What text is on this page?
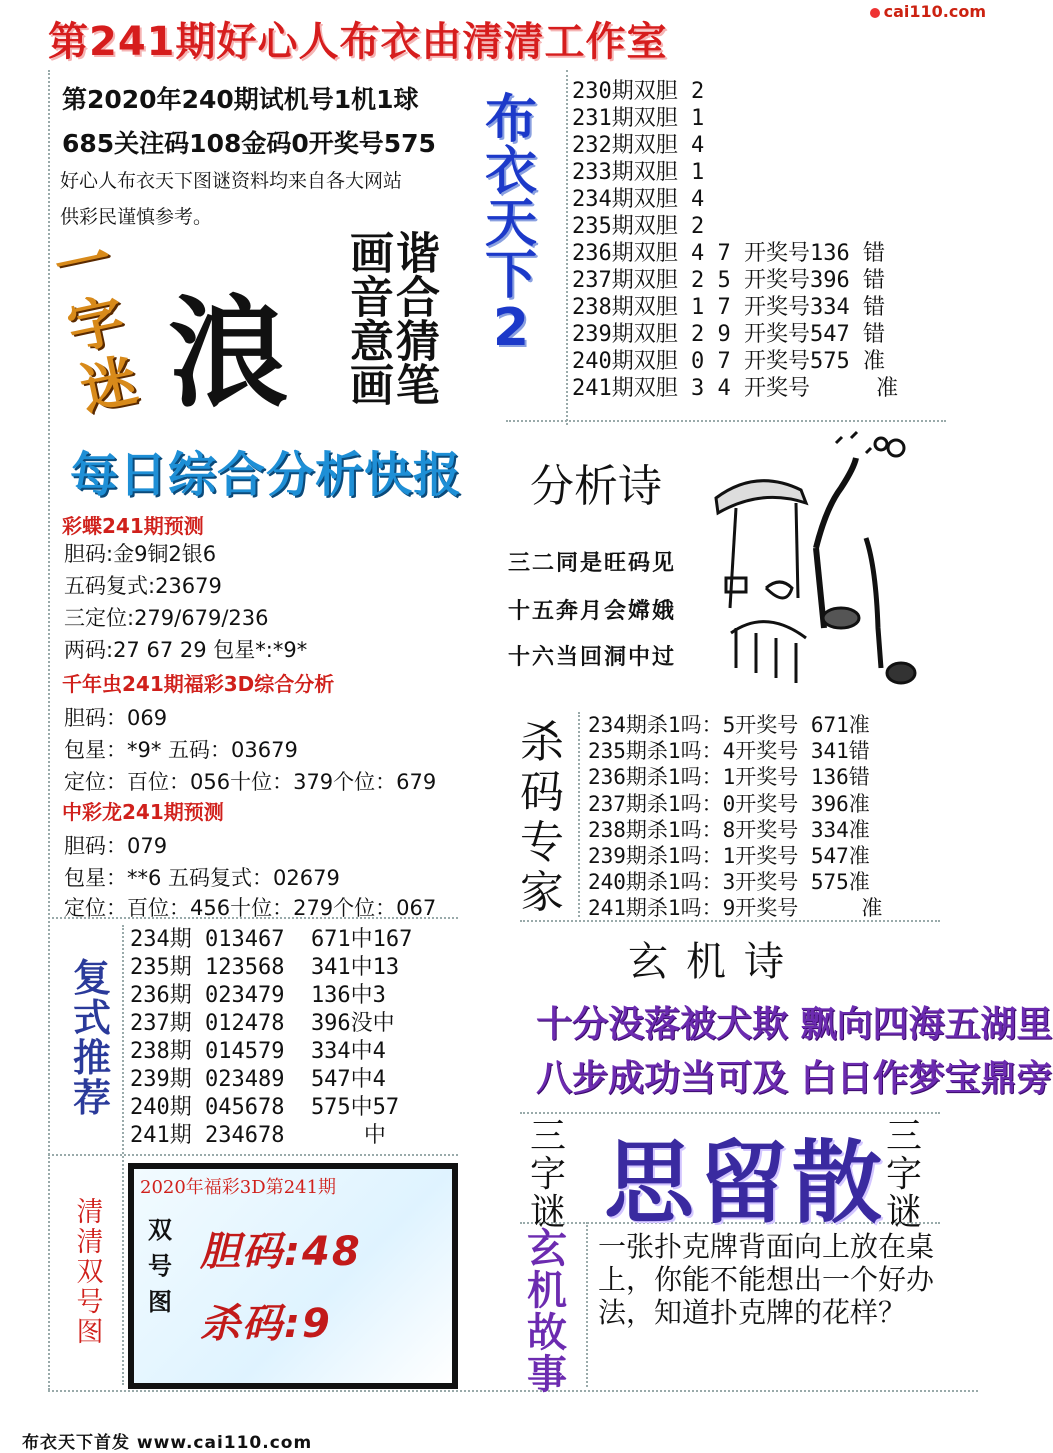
第241期好心人布衣由清清工作室
cai110.com
第2020年240期试机号1机1球
685关注码108金码0开奖号575
好心人布衣天下图谜资料均来自各大网站
供彩民谨慎参考。
布
衣
天
下
2
230期双胆 2
231期双胆 1
232期双胆 4
233期双胆 1
234期双胆 4
235期双胆 2
236期双胆 4 7 开奖号136 错
237期双胆 2 5 开奖号396 错
238期双胆 1 7 开奖号334 错
239期双胆 2 9 开奖号547 错
240期双胆 0 7 开奖号575 准
241期双胆 3 4 开奖号     准
一字迷 浪	谐合猜笔画音意画
每日综合分析快报
彩蝶241期预测
胆码:金9铜2银6
五码复式:23679
三定位:279/679/236
两码:27 67 29 包星*:*9*
千年虫241期福彩3D综合分析
胆码：069
包星：*9* 五码：03679
定位：百位：056十位：379个位：679
中彩龙241期预测
胆码：079
包星：**6 五码复式：02679
定位：百位：456十位：279个位：067
分析诗
三二同是旺码见
十五奔月会嫦娥
十六当回洞中过
杀
码
专
家
234期杀1吗：5开奖号 671准
235期杀1吗：4开奖号 341错
236期杀1吗：1开奖号 136错
237期杀1吗：0开奖号 396准
238期杀1吗：8开奖号 334准
239期杀1吗：1开奖号 547准
240期杀1吗：3开奖号 575准
241期杀1吗：9开奖号     准
玄机诗
十分没落被犬欺 飘向四海五湖里
八步成功当可及 白日作梦宝鼎旁
复
式
推
荐
234期 013467  671中167
235期 123568  341中13
236期 023479  136中3
237期 012478  396没中
238期 014579  334中4
239期 023489  547中4
240期 045678  575中57
241期 234678      中
清
清
双
号
图
2020年福彩3D第241期
双
号
图
胆码:48
杀码:9
三
字
谜 思留散 三
字
谜
玄
机
故
事
一张扑克牌背面向上放在桌上，你能不能想出一个好办法，知道扑克牌的花样？
布衣天下首发 www.cai110.com
